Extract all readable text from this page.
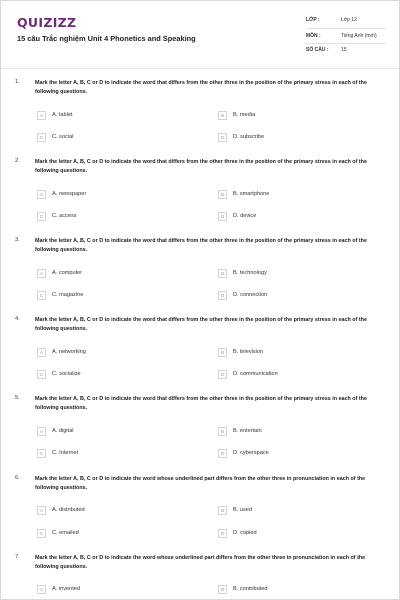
QUIZIZZ
15 câu Trắc nghiệm Unit 4 Phonetics and Speaking
LỚP :	Lớp 12
MÔN :	Tiếng Anh (mới)
SỐ CÂU :	15
1.	Mark the letter A, B, C or D to indicate the word that differs from the other three in the position of the primary stress in each of the following questions.
A	A. tablet	B	B. media
C	C. social	D	D. subscribe
2.	Mark the letter A, B, C or D to indicate the word that differs from the other three in the position of the primary stress in each of the following questions.
A	A. newspaper	B	B. smartphone
C	C. access	D	D. device
3.	Mark the letter A, B, C or D to indicate the word that differs from the other three in the position of the primary stress in each of the following questions.
A	A. computer	B	B. technology
C	C. magazine	D	D. connection
4.	Mark the letter A, B, C or D to indicate the word that differs from the other three in the position of the primary stress in each of the following questions.
A	A. networking	B	B. television
C	C. socialize	D	D. communication
5.	Mark the letter A, B, C or D to indicate the word that differs from the other three in the position of the primary stress in each of the following questions.
A	A. digital	B	B. entertain
C	C. Internet	D	D. cyberspace
6.	Mark the letter A, B, C or D to indicate the word whose underlined part differs from the other three in pronunciation in each of the following questions.
A	A. distributed	B	B. used
C	C. emailed	D	D. copied
7.	Mark the letter A, B, C or D to indicate the word whose underlined part differs from the other three in pronunciation in each of the following questions.
A	A. invented	B	B. contributed
